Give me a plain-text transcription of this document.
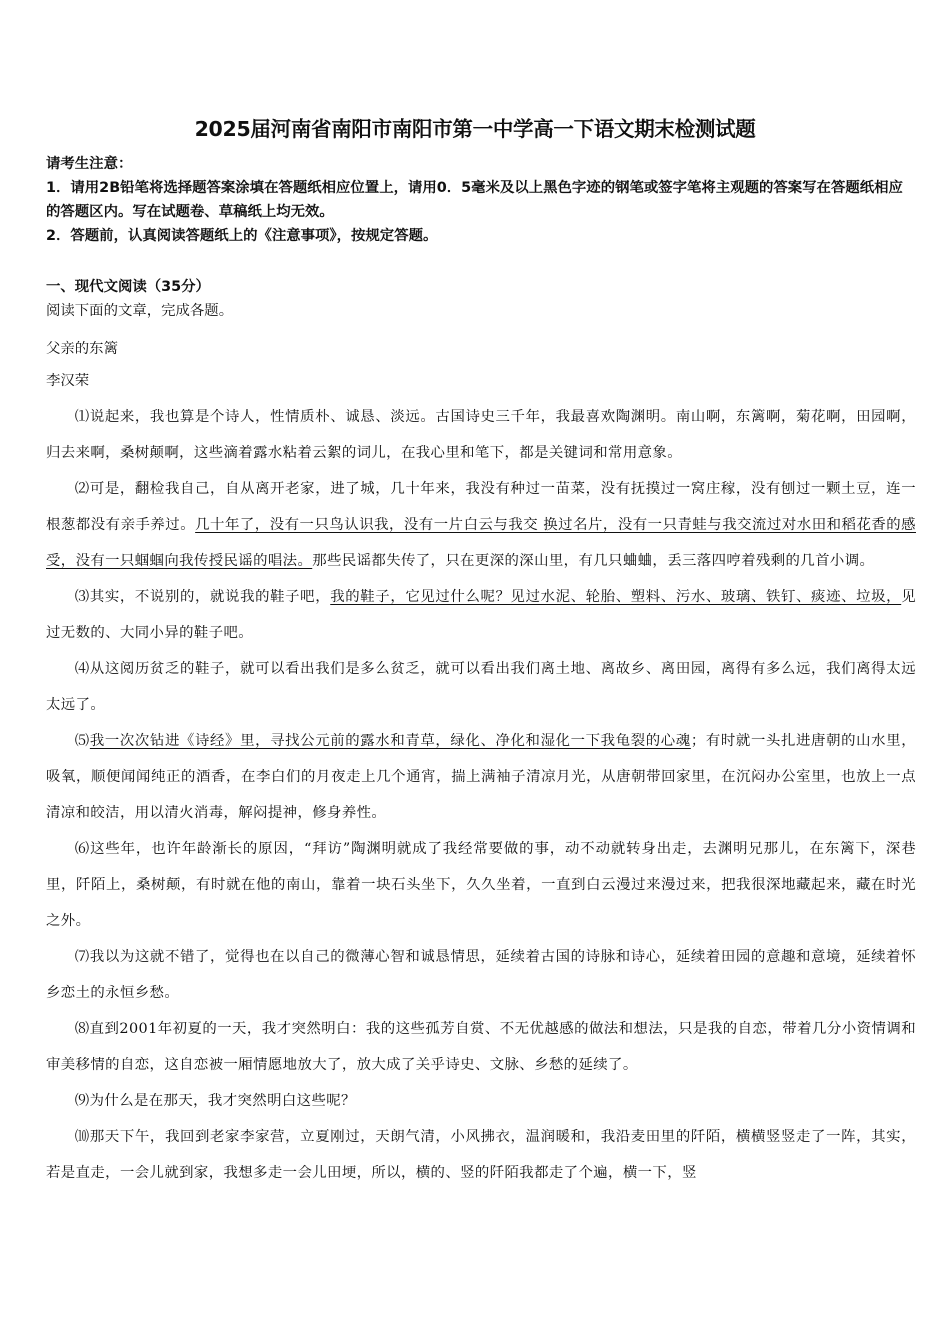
2025届河南省南阳市南阳市第一中学高一下语文期末检测试题

请考生注意：

1．请用2B铅笔将选择题答案涂填在答题纸相应位置上，请用0．5毫米及以上黑色字迹的钢笔或签字笔将主观题的答案写在答题纸相应的答题区内。写在试题卷、草稿纸上均无效。

2．答题前，认真阅读答题纸上的《注意事项》，按规定答题。

一、现代文阅读（35分）
阅读下面的文章，完成各题。
父亲的东篱
李汉荣

⑴说起来，我也算是个诗人，性情质朴、诚恳、淡远。古国诗史三千年，我最喜欢陶渊明。南山啊，东篱啊，菊花啊，田园啊，归去来啊，桑树颠啊，这些滴着露水粘着云絮的词儿，在我心里和笔下，都是关键词和常用意象。

⑵可是，翻检我自己，自从离开老家，进了城，几十年来，我没有种过一苗菜，没有抚摸过一窝庄稼，没有刨过一颗土豆，连一根葱都没有亲手养过。几十年了，没有一只鸟认识我，没有一片白云与我交 换过名片，没有一只青蛙与我交流过对水田和稻花香的感受，没有一只蝈蝈向我传授民谣的唱法。那些民谣都失传了，只在更深的深山里，有几只蛐蛐，丢三落四哼着残剩的几首小调。

⑶其实，不说别的，就说我的鞋子吧，我的鞋子，它见过什么呢？见过水泥、轮胎、塑料、污水、玻璃、铁钉、痰迹、垃圾，见过无数的、大同小异的鞋子吧。

⑷从这阅历贫乏的鞋子，就可以看出我们是多么贫乏，就可以看出我们离土地、离故乡、离田园，离得有多么远，我们离得太远太远了。

⑸我一次次钻进《诗经》里，寻找公元前的露水和青草，绿化、净化和湿化一下我龟裂的心魂；有时就一头扎进唐朝的山水里，吸氧，顺便闻闻纯正的酒香，在李白们的月夜走上几个通宵，揣上满袖子清凉月光，从唐朝带回家里，在沉闷办公室里，也放上一点清凉和皎洁，用以清火消毒，解闷提神，修身养性。

⑹这些年，也许年龄渐长的原因，“拜访”陶渊明就成了我经常要做的事，动不动就转身出走，去渊明兄那儿，在东篱下，深巷里，阡陌上，桑树颠，有时就在他的南山，靠着一块石头坐下，久久坐着，一直到白云漫过来漫过来，把我很深地藏起来，藏在时光之外。

⑺我以为这就不错了，觉得也在以自己的微薄心智和诚恳情思，延续着古国的诗脉和诗心，延续着田园的意趣和意境，延续着怀乡恋土的永恒乡愁。

⑻直到2001年初夏的一天，我才突然明白：我的这些孤芳自赏、不无优越感的做法和想法，只是我的自恋，带着几分小资情调和审美移情的自恋，这自恋被一厢情愿地放大了，放大成了关乎诗史、文脉、乡愁的延续了。

⑼为什么是在那天，我才突然明白这些呢？

⑽那天下午，我回到老家李家营，立夏刚过，天朗气清，小风拂衣，温润暖和，我沿麦田里的阡陌，横横竖竖走了一阵，其实，若是直走，一会儿就到家，我想多走一会儿田埂，所以，横的、竖的阡陌我都走了个遍，横一下，竖
